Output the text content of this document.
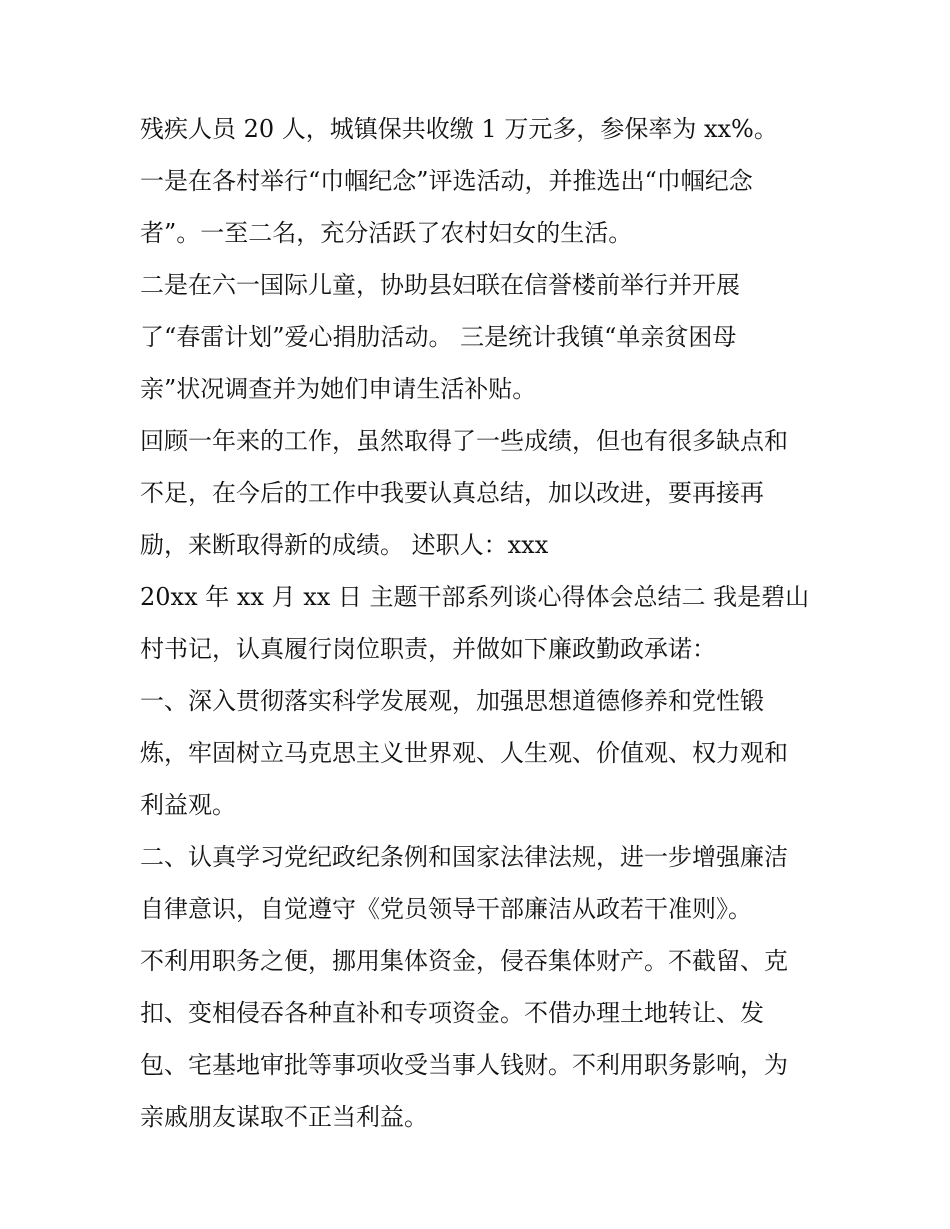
残疾人员 20 人，城镇保共收缴 1 万元多，参保率为 xx%。
一是在各村举行“巾帼纪念”评选活动，并推选出“巾帼纪念
者”。一至二名，充分活跃了农村妇女的生活。
二是在六一国际儿童，协助县妇联在信誉楼前举行并开展
了“春雷计划”爱心捐肋活动。 三是统计我镇“单亲贫困母
亲”状况调查并为她们申请生活补贴。
回顾一年来的工作，虽然取得了一些成绩，但也有很多缺点和
不足，在今后的工作中我要认真总结，加以改进，要再接再
励，来断取得新的成绩。 述职人：xxx
20xx 年 xx 月 xx 日 主题干部系列谈心得体会总结二 我是碧山
村书记，认真履行岗位职责，并做如下廉政勤政承诺：
一、深入贯彻落实科学发展观，加强思想道德修养和党性锻
炼，牢固树立马克思主义世界观、人生观、价值观、权力观和
利益观。
二、认真学习党纪政纪条例和国家法律法规，进一步增强廉洁
自律意识，自觉遵守《党员领导干部廉洁从政若干准则》。
不利用职务之便，挪用集体资金，侵吞集体财产。不截留、克
扣、变相侵吞各种直补和专项资金。不借办理土地转让、发
包、宅基地审批等事项收受当事人钱财。不利用职务影响，为
亲戚朋友谋取不正当利益。
